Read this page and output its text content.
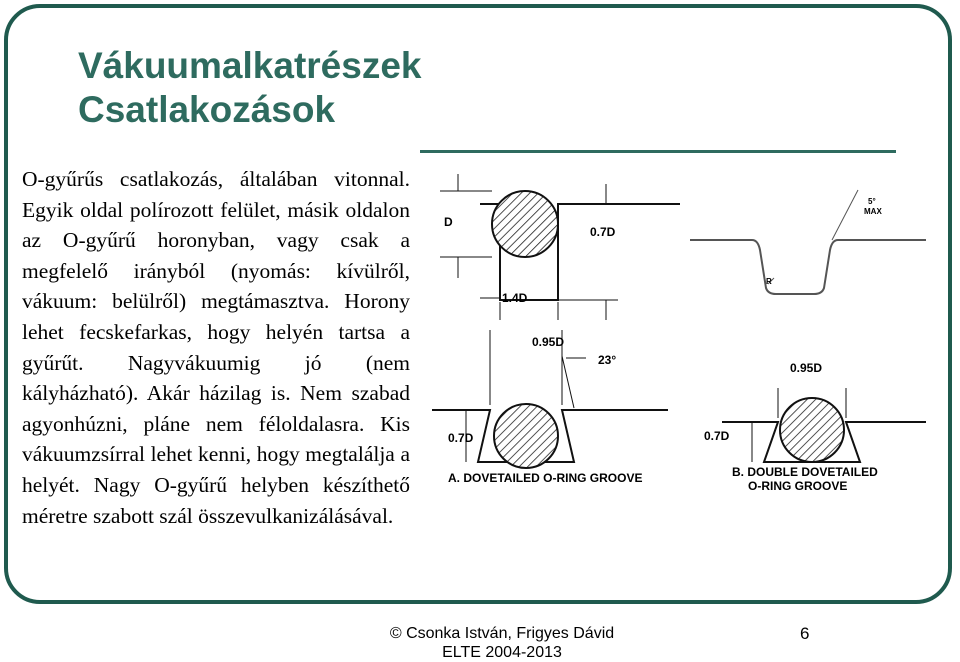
Vákuumalkatrészek
Csatlakozások

O-gyűrűs csatlakozás, általában vitonnal. Egyik oldal polírozott felület, másik oldalon az O-gyűrű horonyban, vagy csak a megfelelő irányból (nyomás: kívülről, vákuum: belülről) megtámasztva. Horony lehet fecskefarkas, hogy helyén tartsa a gyűrűt. Nagyvákuumig jó (nem kályházható). Akár házilag is. Nem szabad agyonhúzni, pláne nem féloldalasra. Kis vákuumzsírral lehet kenni, hogy megtalálja a helyét. Nagy O-gyűrű helyben készíthető méretre szabott szál összevulkanizálásával.

D
0.7D
1.4D
5°
MAX
R
0.95D
23°
0.7D
A. DOVETAILED O-RING GROOVE
0.95D
0.7D
B. DOUBLE DOVETAILED
O-RING GROOVE
© Csonka István, Frigyes Dávid
ELTE 2004-2013
6
